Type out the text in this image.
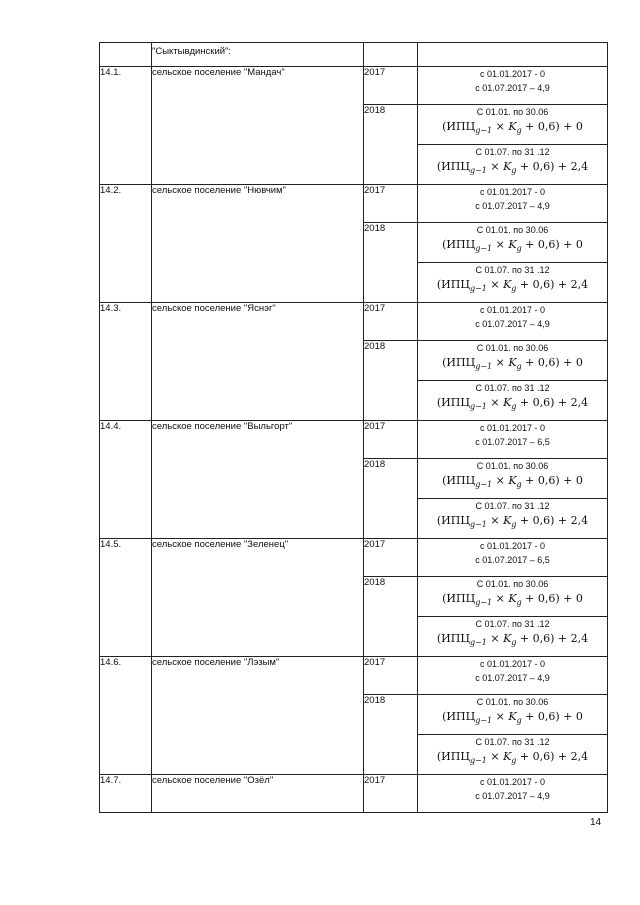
	"Сыктывдинский":		
14.1.	сельское поселение "Мандач"	2017	с 01.01.2017 - 0
с 01.07.2017 – 4,9

		2018	С 01.01. по 30.06
$(ИПЦ_{g-1} \times K_g + 0,6) + 0$

			С 01.07. по 31 .12
$(ИПЦ_{g-1} \times K_g + 0,6) + 2,4$

14.2.	сельское поселение "Нювчим"	2017	с 01.01.2017 - 0
с 01.07.2017 – 4,9

		2018	С 01.01. по 30.06
$(ИПЦ_{g-1} \times K_g + 0,6) + 0$

			С 01.07. по 31 .12
$(ИПЦ_{g-1} \times K_g + 0,6) + 2,4$

14.3.	сельское поселение "Яснэг"	2017	с 01.01.2017 - 0
с 01.07.2017 – 4,9

		2018	С 01.01. по 30.06
$(ИПЦ_{g-1} \times K_g + 0,6) + 0$

			С 01.07. по 31 .12
$(ИПЦ_{g-1} \times K_g + 0,6) + 2,4$

14.4.	сельское поселение "Выльгорт"	2017	с 01.01.2017 - 0
с 01.07.2017 – 6,5

		2018	С 01.01. по 30.06
$(ИПЦ_{g-1} \times K_g + 0,6) + 0$

			С 01.07. по 31 .12
$(ИПЦ_{g-1} \times K_g + 0,6) + 2,4$

14.5.	сельское поселение "Зеленец"	2017	с 01.01.2017 - 0
с 01.07.2017 – 6,5

		2018	С 01.01. по 30.06
$(ИПЦ_{g-1} \times K_g + 0,6) + 0$

			С 01.07. по 31 .12
$(ИПЦ_{g-1} \times K_g + 0,6) + 2,4$

14.6.	сельское поселение "Лэзым"	2017	с 01.01.2017 - 0
с 01.07.2017 – 4,9

		2018	С 01.01. по 30.06
$(ИПЦ_{g-1} \times K_g + 0,6) + 0$

			С 01.07. по 31 .12
$(ИПЦ_{g-1} \times K_g + 0,6) + 2,4$

14.7.	сельское поселение "Озёл"	2017	с 01.01.2017 - 0
с 01.07.2017 – 4,9
14
